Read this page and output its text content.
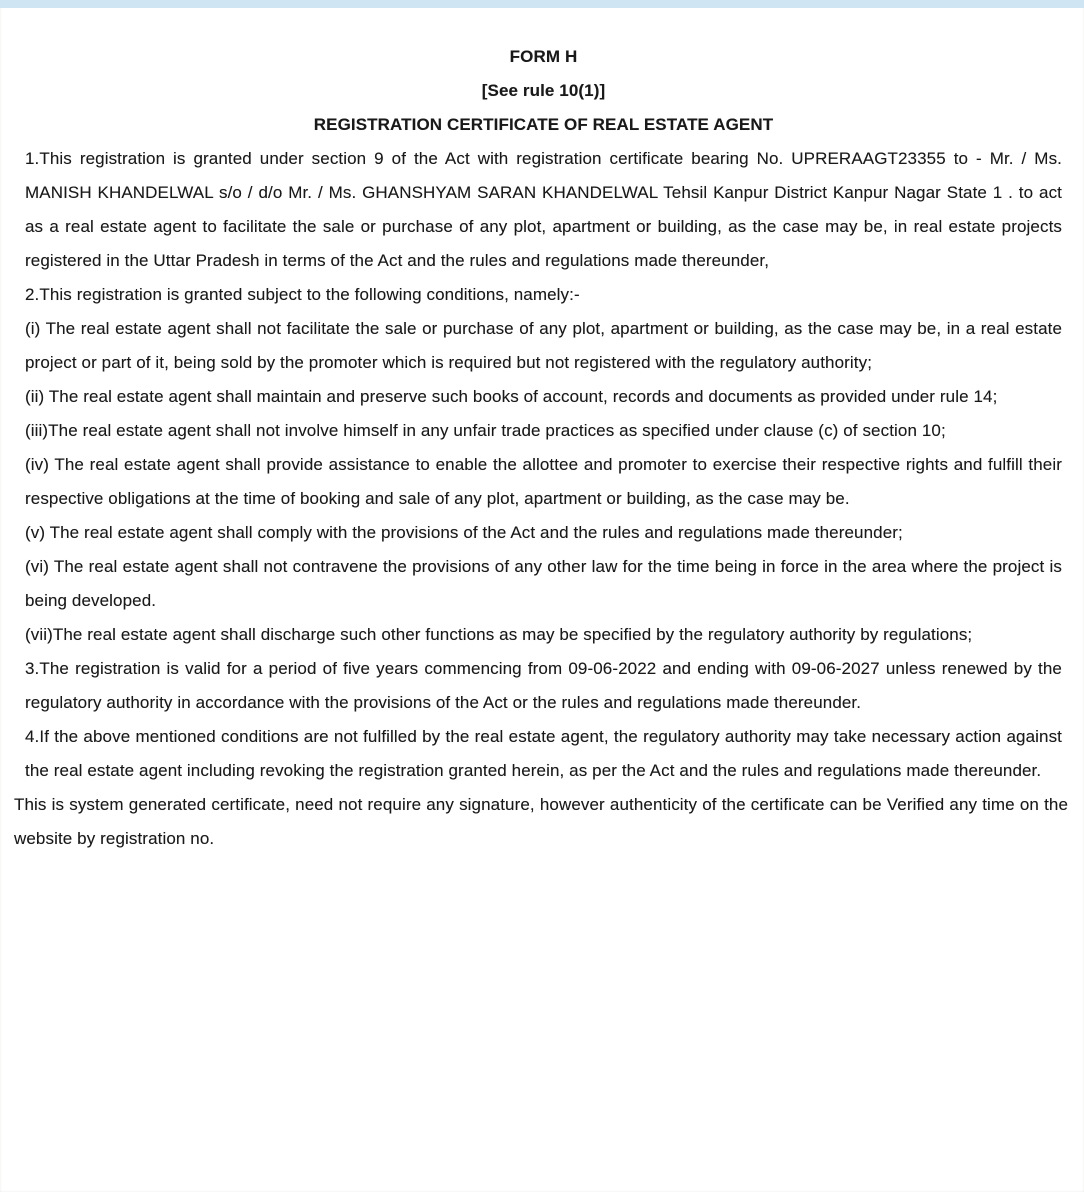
FORM H
[See rule 10(1)]
REGISTRATION CERTIFICATE OF REAL ESTATE AGENT

1.This registration is granted under section 9 of the Act with registration certificate bearing No. UPRERAAGT23355 to - Mr. / Ms. MANISH KHANDELWAL s/o / d/o Mr. / Ms. GHANSHYAM SARAN KHANDELWAL Tehsil Kanpur District Kanpur Nagar State 1 . to act as a real estate agent to facilitate the sale or purchase of any plot, apartment or building, as the case may be, in real estate projects registered in the Uttar Pradesh in terms of the Act and the rules and regulations made thereunder,

2.This registration is granted subject to the following conditions, namely:-

(i) The real estate agent shall not facilitate the sale or purchase of any plot, apartment or building, as the case may be, in a real estate project or part of it, being sold by the promoter which is required but not registered with the regulatory authority;

(ii) The real estate agent shall maintain and preserve such books of account, records and documents as provided under rule 14;

(iii)The real estate agent shall not involve himself in any unfair trade practices as specified under clause (c) of section 10;

(iv) The real estate agent shall provide assistance to enable the allottee and promoter to exercise their respective rights and fulfill their respective obligations at the time of booking and sale of any plot, apartment or building, as the case may be.

(v) The real estate agent shall comply with the provisions of the Act and the rules and regulations made thereunder;

(vi) The real estate agent shall not contravene the provisions of any other law for the time being in force in the area where the project is being developed.

(vii)The real estate agent shall discharge such other functions as may be specified by the regulatory authority by regulations;

3.The registration is valid for a period of five years commencing from 09-06-2022 and ending with 09-06-2027 unless renewed by the regulatory authority in accordance with the provisions of the Act or the rules and regulations made thereunder.

4.If the above mentioned conditions are not fulfilled by the real estate agent, the regulatory authority may take necessary action against the real estate agent including revoking the registration granted herein, as per the Act and the rules and regulations made thereunder.

This is system generated certificate, need not require any signature, however authenticity of the certificate can be Verified any time on the website by registration no.
